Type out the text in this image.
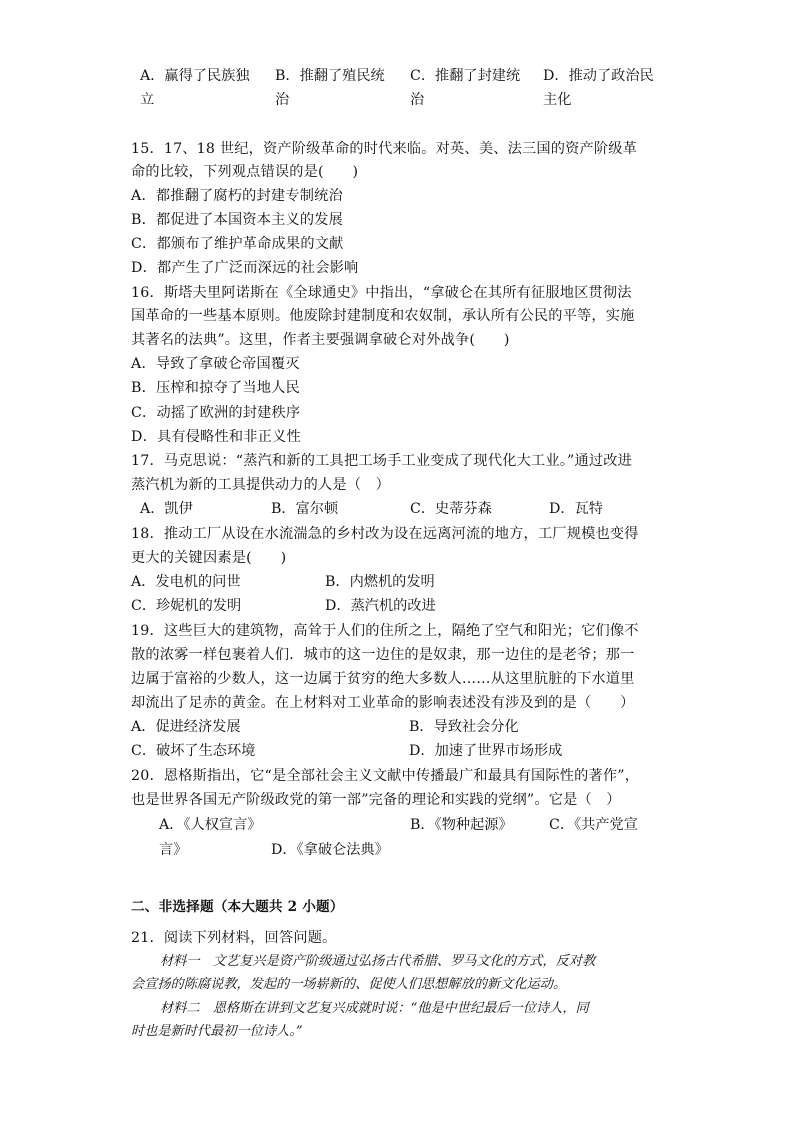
A．赢得了民族独
立
B．推翻了殖民统
治
C．推翻了封建统
治
D．推动了政治民
主化
15．17、18 世纪，资产阶级革命的时代来临。对英、美、法三国的资产阶级革
命的比较，下列观点错误的是(　　)
A．都推翻了腐朽的封建专制统治
B．都促进了本国资本主义的发展
C．都颁布了维护革命成果的文献
D．都产生了广泛而深远的社会影响
16．斯塔夫里阿诺斯在《全球通史》中指出，“拿破仑在其所有征服地区贯彻法
国革命的一些基本原则。他废除封建制度和农奴制，承认所有公民的平等，实施
其著名的法典”。这里，作者主要强调拿破仑对外战争(　　)
A．导致了拿破仑帝国覆灭
B．压榨和掠夺了当地人民
C．动摇了欧洲的封建秩序
D．具有侵略性和非正义性
17．马克思说：“蒸汽和新的工具把工场手工业变成了现代化大工业。”通过改进
蒸汽机为新的工具提供动力的人是（　）
A．凯伊	B．富尔顿	C．史蒂芬森	D．瓦特
18．推动工厂从设在水流湍急的乡村改为设在远离河流的地方，工厂规模也变得
更大的关键因素是(　　)
A．发电机的问世	B．内燃机的发明
C．珍妮机的发明	D．蒸汽机的改进
19．这些巨大的建筑物，高耸于人们的住所之上，隔绝了空气和阳光；它们像不
散的浓雾一样包裹着人们．城市的这一边住的是奴隶，那一边住的是老爷；那一
边属于富裕的少数人，这一边属于贫穷的绝大多数人……从这里肮脏的下水道里
却流出了足赤的黄金。在上材料对工业革命的影响表述没有涉及到的是（　　）
A．促进经济发展	B．导致社会分化
C．破坏了生态环境	D．加速了世界市场形成
20．恩格斯指出，它“是全部社会主义文献中传播最广和最具有国际性的著作”，
也是世界各国无产阶级政党的第一部”完备的理论和实践的党纲”。它是（　）
A．《人权宣言》	B．《物种起源》	C．《共产党宣
言》	D．《拿破仑法典》
二、非选择题（本大题共 2 小题）
21．阅读下列材料，回答问题。
材料一　文艺复兴是资产阶级通过弘扬古代希腊、罗马文化的方式，反对教
会宣扬的陈腐说教，发起的一场崭新的、促使人们思想解放的新文化运动。
材料二　恩格斯在讲到文艺复兴成就时说：“他是中世纪最后一位诗人，同
时也是新时代最初一位诗人。”
